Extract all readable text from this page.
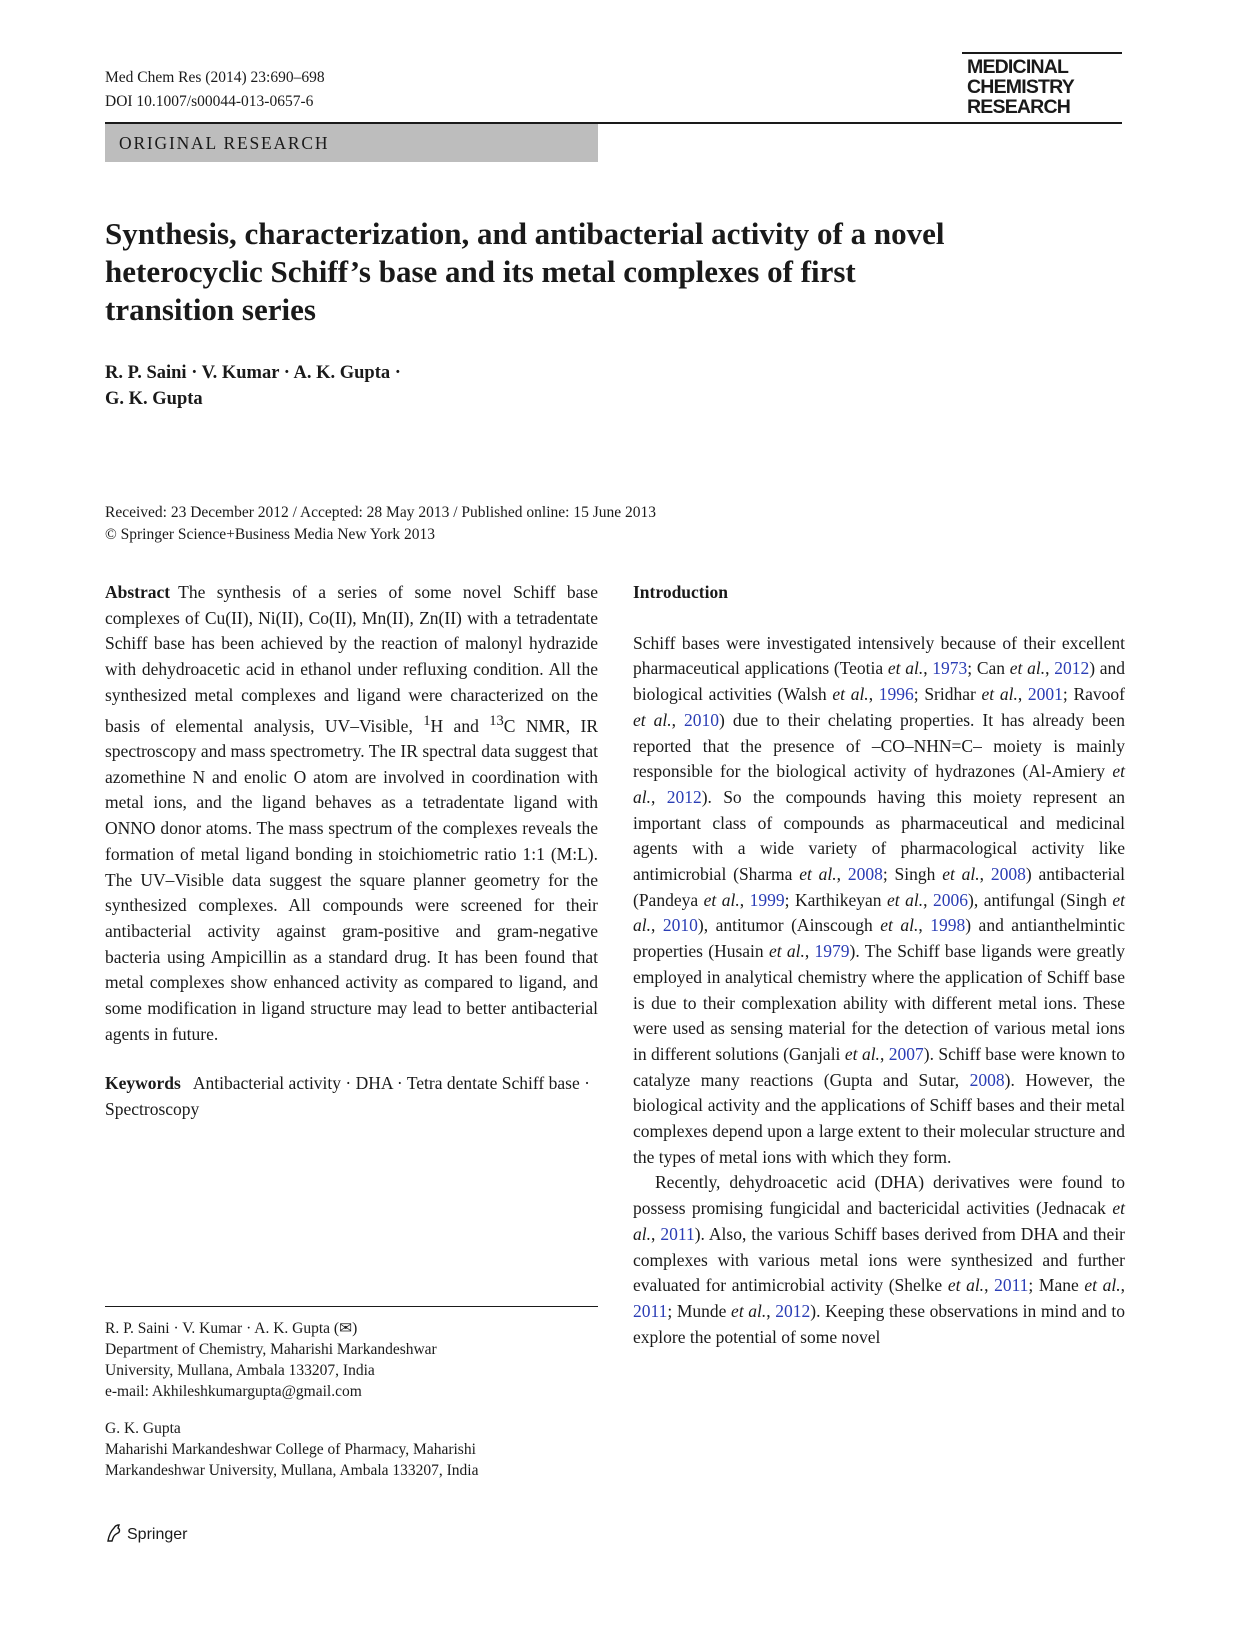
Med Chem Res (2014) 23:690–698
DOI 10.1007/s00044-013-0657-6
MEDICINAL
CHEMISTRY
RESEARCH
ORIGINAL RESEARCH
Synthesis, characterization, and antibacterial activity of a novel
heterocyclic Schiff’s base and its metal complexes of first
transition series
R. P. Saini · V. Kumar · A. K. Gupta ·
G. K. Gupta
Received: 23 December 2012 / Accepted: 28 May 2013 / Published online: 15 June 2013
© Springer Science+Business Media New York 2013
Abstract The synthesis of a series of some novel Schiff base complexes of Cu(II), Ni(II), Co(II), Mn(II), Zn(II) with a tetradentate Schiff base has been achieved by the reaction of malonyl hydrazide with dehydroacetic acid in ethanol under refluxing condition. All the synthesized metal complexes and ligand were characterized on the basis of elemental analysis, UV–Visible, $^1$H and $^{13}$C NMR, IR spectroscopy and mass spectrometry. The IR spectral data suggest that azomethine N and enolic O atom are involved in coordination with metal ions, and the ligand behaves as a tetradentate ligand with ONNO donor atoms. The mass spectrum of the complexes reveals the formation of metal ligand bonding in stoichiometric ratio 1:1 (M:L). The UV–Visible data suggest the square planner geometry for the synthesized complexes. All compounds were screened for their antibacterial activity against gram-positive and gram-negative bacteria using Ampicillin as a standard drug. It has been found that metal complexes show enhanced activity as compared to ligand, and some modification in ligand structure may lead to better antibacterial agents in future.
Keywords Antibacterial activity · DHA · Tetra dentate Schiff base · Spectroscopy
R. P. Saini · V. Kumar · A. K. Gupta (✉)
Department of Chemistry, Maharishi Markandeshwar
University, Mullana, Ambala 133207, India
e-mail: Akhileshkumargupta@gmail.com
G. K. Gupta
Maharishi Markandeshwar College of Pharmacy, Maharishi
Markandeshwar University, Mullana, Ambala 133207, India
Introduction
Schiff bases were investigated intensively because of their excellent pharmaceutical applications (Teotia et al., 1973; Can et al., 2012) and biological activities (Walsh et al., 1996; Sridhar et al., 2001; Ravoof et al., 2010) due to their chelating properties. It has already been reported that the presence of –CO–NHN=C– moiety is mainly responsible for the biological activity of hydrazones (Al-Amiery et al., 2012). So the compounds having this moiety represent an important class of compounds as pharmaceutical and medicinal agents with a wide variety of pharmacological activity like antimicrobial (Sharma et al., 2008; Singh et al., 2008) antibacterial (Pandeya et al., 1999; Karthikeyan et al., 2006), antifungal (Singh et al., 2010), antitumor (Ainscough et al., 1998) and antianthelmintic properties (Husain et al., 1979). The Schiff base ligands were greatly employed in analytical chemistry where the application of Schiff base is due to their complexation ability with different metal ions. These were used as sensing material for the detection of various metal ions in different solutions (Ganjali et al., 2007). Schiff base were known to catalyze many reactions (Gupta and Sutar, 2008). However, the biological activity and the applications of Schiff bases and their metal complexes depend upon a large extent to their molecular structure and the types of metal ions with which they form.
Recently, dehydroacetic acid (DHA) derivatives were found to possess promising fungicidal and bactericidal activities (Jednacak et al., 2011). Also, the various Schiff bases derived from DHA and their complexes with various metal ions were synthesized and further evaluated for antimicrobial activity (Shelke et al., 2011; Mane et al., 2011; Munde et al., 2012). Keeping these observations in mind and to explore the potential of some novel
Springer
